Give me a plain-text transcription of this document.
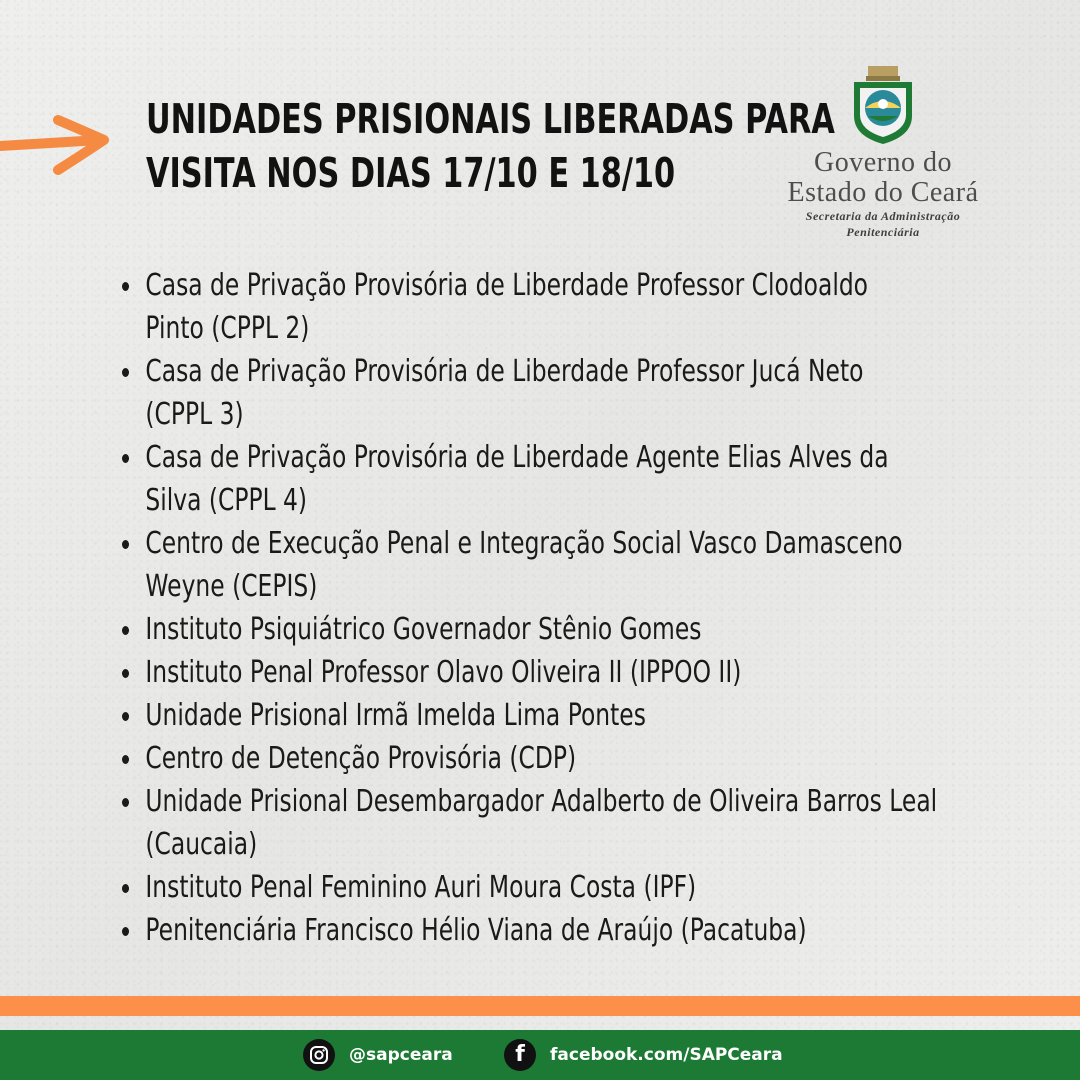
UNIDADES PRISIONAIS LIBERADAS PARA
VISITA NOS DIAS 17/10 E 18/10	Governo do
Estado do Ceará
Secretaria da Administração
Penitenciária
Casa de Privação Provisória de Liberdade Professor Clodoaldo
Pinto (CPPL 2)
Casa de Privação Provisória de Liberdade Professor Jucá Neto
(CPPL 3)
Casa de Privação Provisória de Liberdade Agente Elias Alves da
Silva (CPPL 4)
Centro de Execução Penal e Integração Social Vasco Damasceno
Weyne (CEPIS)
Instituto Psiquiátrico Governador Stênio Gomes
Instituto Penal Professor Olavo Oliveira II (IPPOO II)
Unidade Prisional Irmã Imelda Lima Pontes
Centro de Detenção Provisória (CDP)
Unidade Prisional Desembargador Adalberto de Oliveira Barros Leal
(Caucaia)
Instituto Penal Feminino Auri Moura Costa (IPF)
Penitenciária Francisco Hélio Viana de Araújo (Pacatuba)
@sapceara	f facebook.com/SAPCeara
